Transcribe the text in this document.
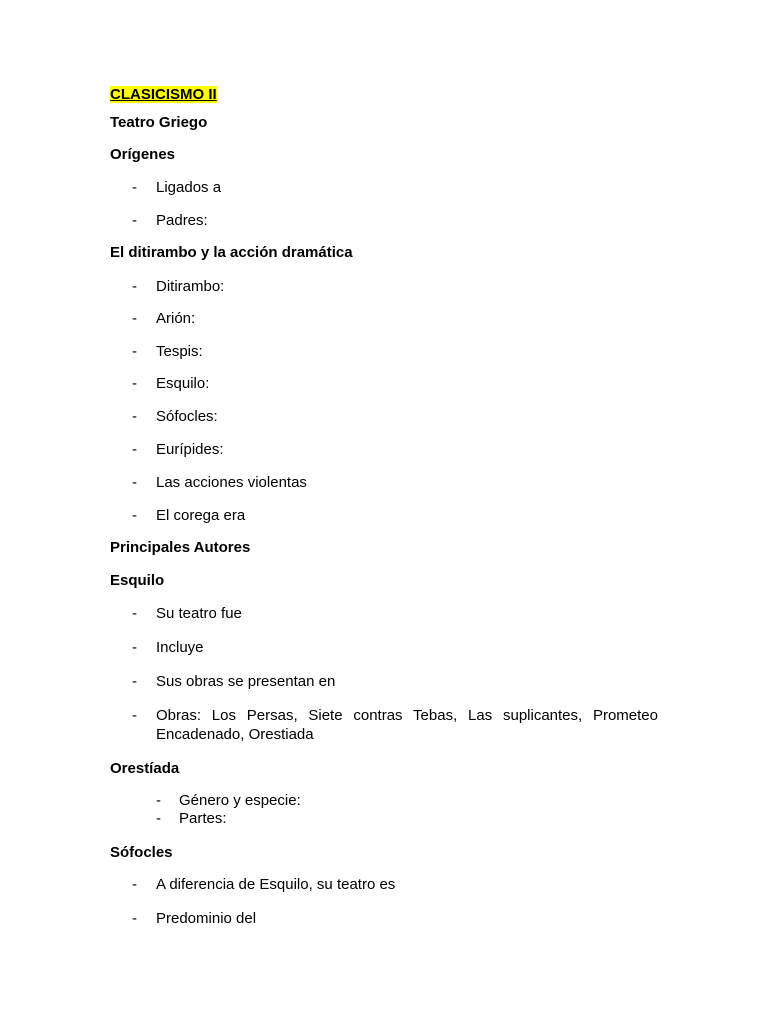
CLASICISMO II
Teatro Griego
Orígenes
- Ligados a
- Padres:
El ditirambo y la acción dramática
- Ditirambo:
- Arión:
- Tespis:
- Esquilo:
- Sófocles:
- Eurípides:
- Las acciones violentas
- El corega era
Principales Autores
Esquilo
- Su teatro fue
- Incluye
- Sus obras se presentan en
- Obras: Los Persas, Siete contras Tebas, Las suplicantes, Prometeo Encadenado, Orestiada
Orestíada
- Género y especie:
- Partes:
Sófocles
- A diferencia de Esquilo, su teatro es
- Predominio del
